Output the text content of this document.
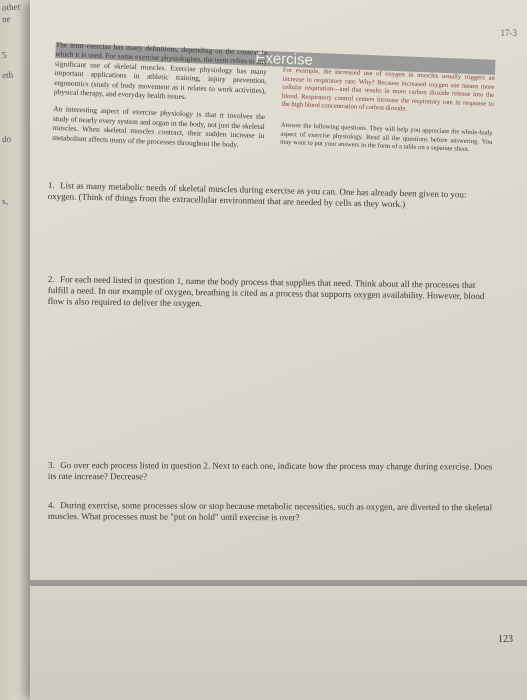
other
ne
5
eth
do
s,
17-3
Exercise

The term exercise has many definitions, depending on the context in which it is used. For some exercise physiologists, the term refers to any significant use of skeletal muscles. Exercise physiology has many important applications in athletic training, injury prevention, ergonomics (study of body movement as it relates to work activities), physical therapy, and everyday health issues.

An interesting aspect of exercise physiology is that it involves the study of nearly every system and organ in the body, not just the skeletal muscles. When skeletal muscles contract, their sudden increase in metabolism affects many of the processes throughout the body.

For example, the increased use of oxygen in muscles usually triggers an increase in respiratory rate. Why? Because increased oxygen use means more cellular respiration—and that results in more carbon dioxide release into the blood. Respiratory control centers increase the respiratory rate in response to the high blood concentration of carbon dioxide.

Answer the following questions. They will help you appreciate the whole-body aspect of exercise physiology. Read all the questions before answering. You may want to put your answers in the form of a table on a separate sheet.

1. List as many metabolic needs of skeletal muscles during exercise as you can. One has already been given to you: oxygen. (Think of things from the extracellular environment that are needed by cells as they work.)
2. For each need listed in question 1, name the body process that supplies that need. Think about all the processes that fulfill a need. In our example of oxygen, breathing is cited as a process that supports oxygen availability. However, blood flow is also required to deliver the oxygen.
3. Go over each process listed in question 2. Next to each one, indicate how the process may change during exercise. Does its rate increase? Decrease?
4. During exercise, some processes slow or stop because metabolic necessities, such as oxygen, are diverted to the skeletal muscles. What processes must be "put on hold" until exercise is over?
123
